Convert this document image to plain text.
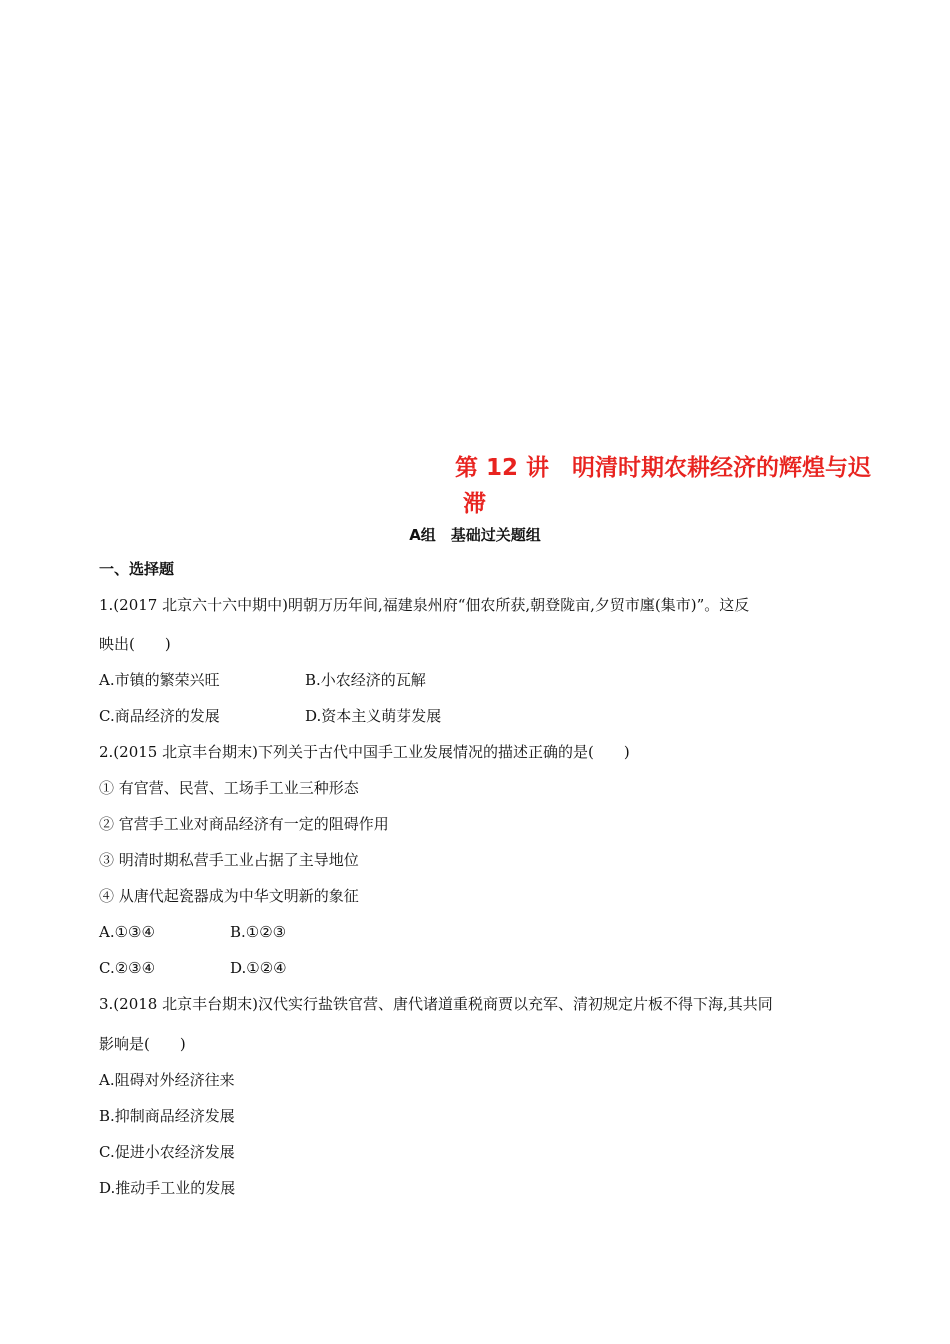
第 12 讲　明清时期农耕经济的辉煌与迟
滞
A组　基础过关题组
一、选择题
1.(2017 北京六十六中期中)明朝万历年间,福建泉州府“佃农所获,朝登陇亩,夕贸市廛(集市)”。这反
映出(　　)
A.市镇的繁荣兴旺	B.小农经济的瓦解
C.商品经济的发展	D.资本主义萌芽发展
2.(2015 北京丰台期末)下列关于古代中国手工业发展情况的描述正确的是(　　)
① 有官营、民营、工场手工业三种形态
② 官营手工业对商品经济有一定的阻碍作用
③ 明清时期私营手工业占据了主导地位
④ 从唐代起瓷器成为中华文明新的象征
A.①③④	B.①②③
C.②③④	D.①②④
3.(2018 北京丰台期末)汉代实行盐铁官营、唐代诸道重税商贾以充军、清初规定片板不得下海,其共同
影响是(　　)
A.阻碍对外经济往来
B.抑制商品经济发展
C.促进小农经济发展
D.推动手工业的发展
